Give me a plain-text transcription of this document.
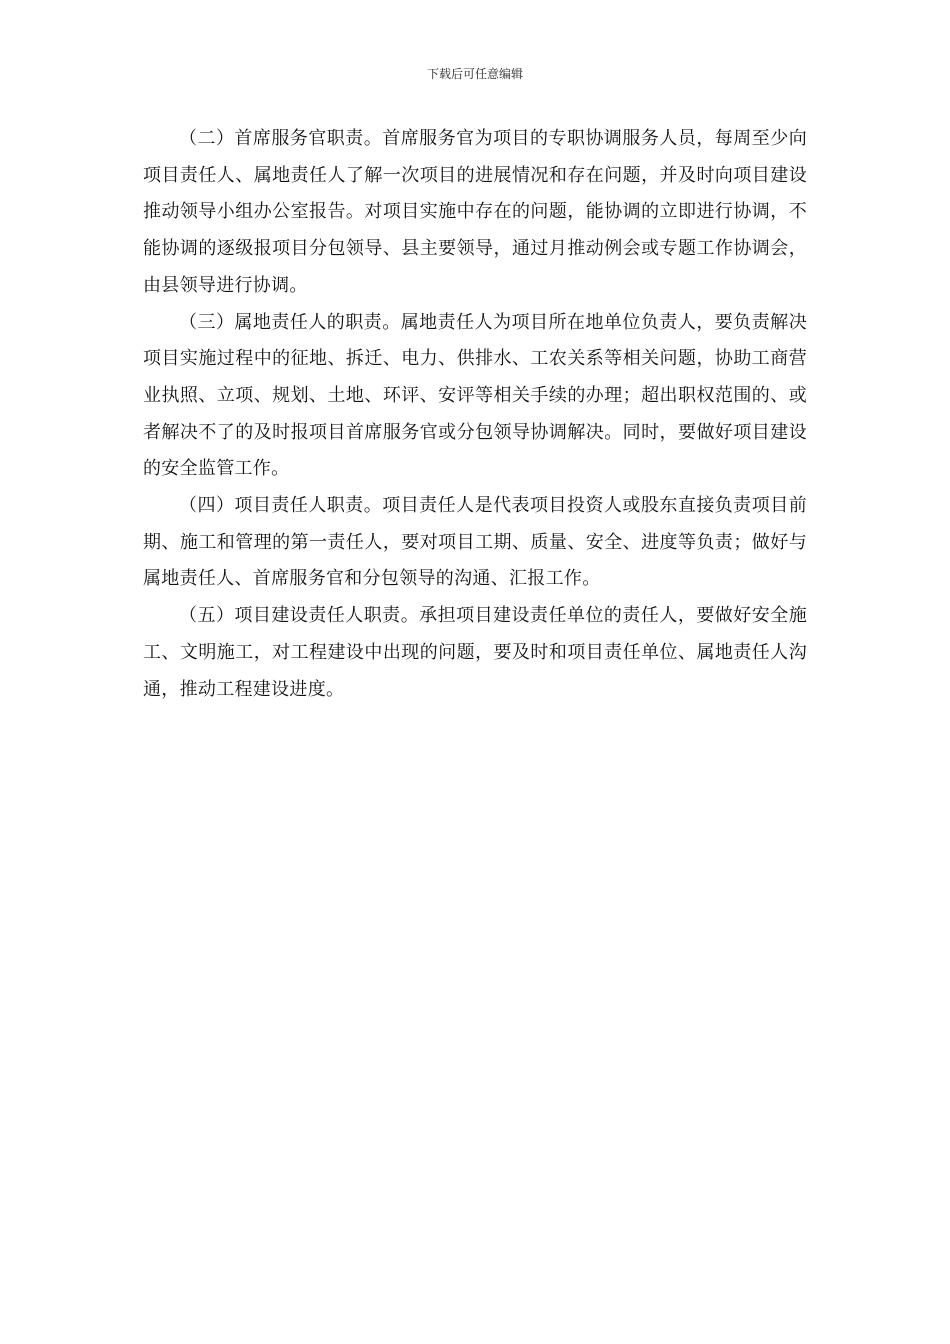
下载后可任意编辑

（二）首席服务官职责。首席服务官为项目的专职协调服务人员，每周至少向项目责任人、属地责任人了解一次项目的进展情况和存在问题，并及时向项目建设推动领导小组办公室报告。对项目实施中存在的问题，能协调的立即进行协调，不能协调的逐级报项目分包领导、县主要领导，通过月推动例会或专题工作协调会，由县领导进行协调。

（三）属地责任人的职责。属地责任人为项目所在地单位负责人，要负责解决项目实施过程中的征地、拆迁、电力、供排水、工农关系等相关问题，协助工商营业执照、立项、规划、土地、环评、安评等相关手续的办理；超出职权范围的、或者解决不了的及时报项目首席服务官或分包领导协调解决。同时，要做好项目建设的安全监管工作。

（四）项目责任人职责。项目责任人是代表项目投资人或股东直接负责项目前期、施工和管理的第一责任人，要对项目工期、质量、安全、进度等负责；做好与属地责任人、首席服务官和分包领导的沟通、汇报工作。

（五）项目建设责任人职责。承担项目建设责任单位的责任人，要做好安全施工、文明施工，对工程建设中出现的问题，要及时和项目责任单位、属地责任人沟通，推动工程建设进度。
